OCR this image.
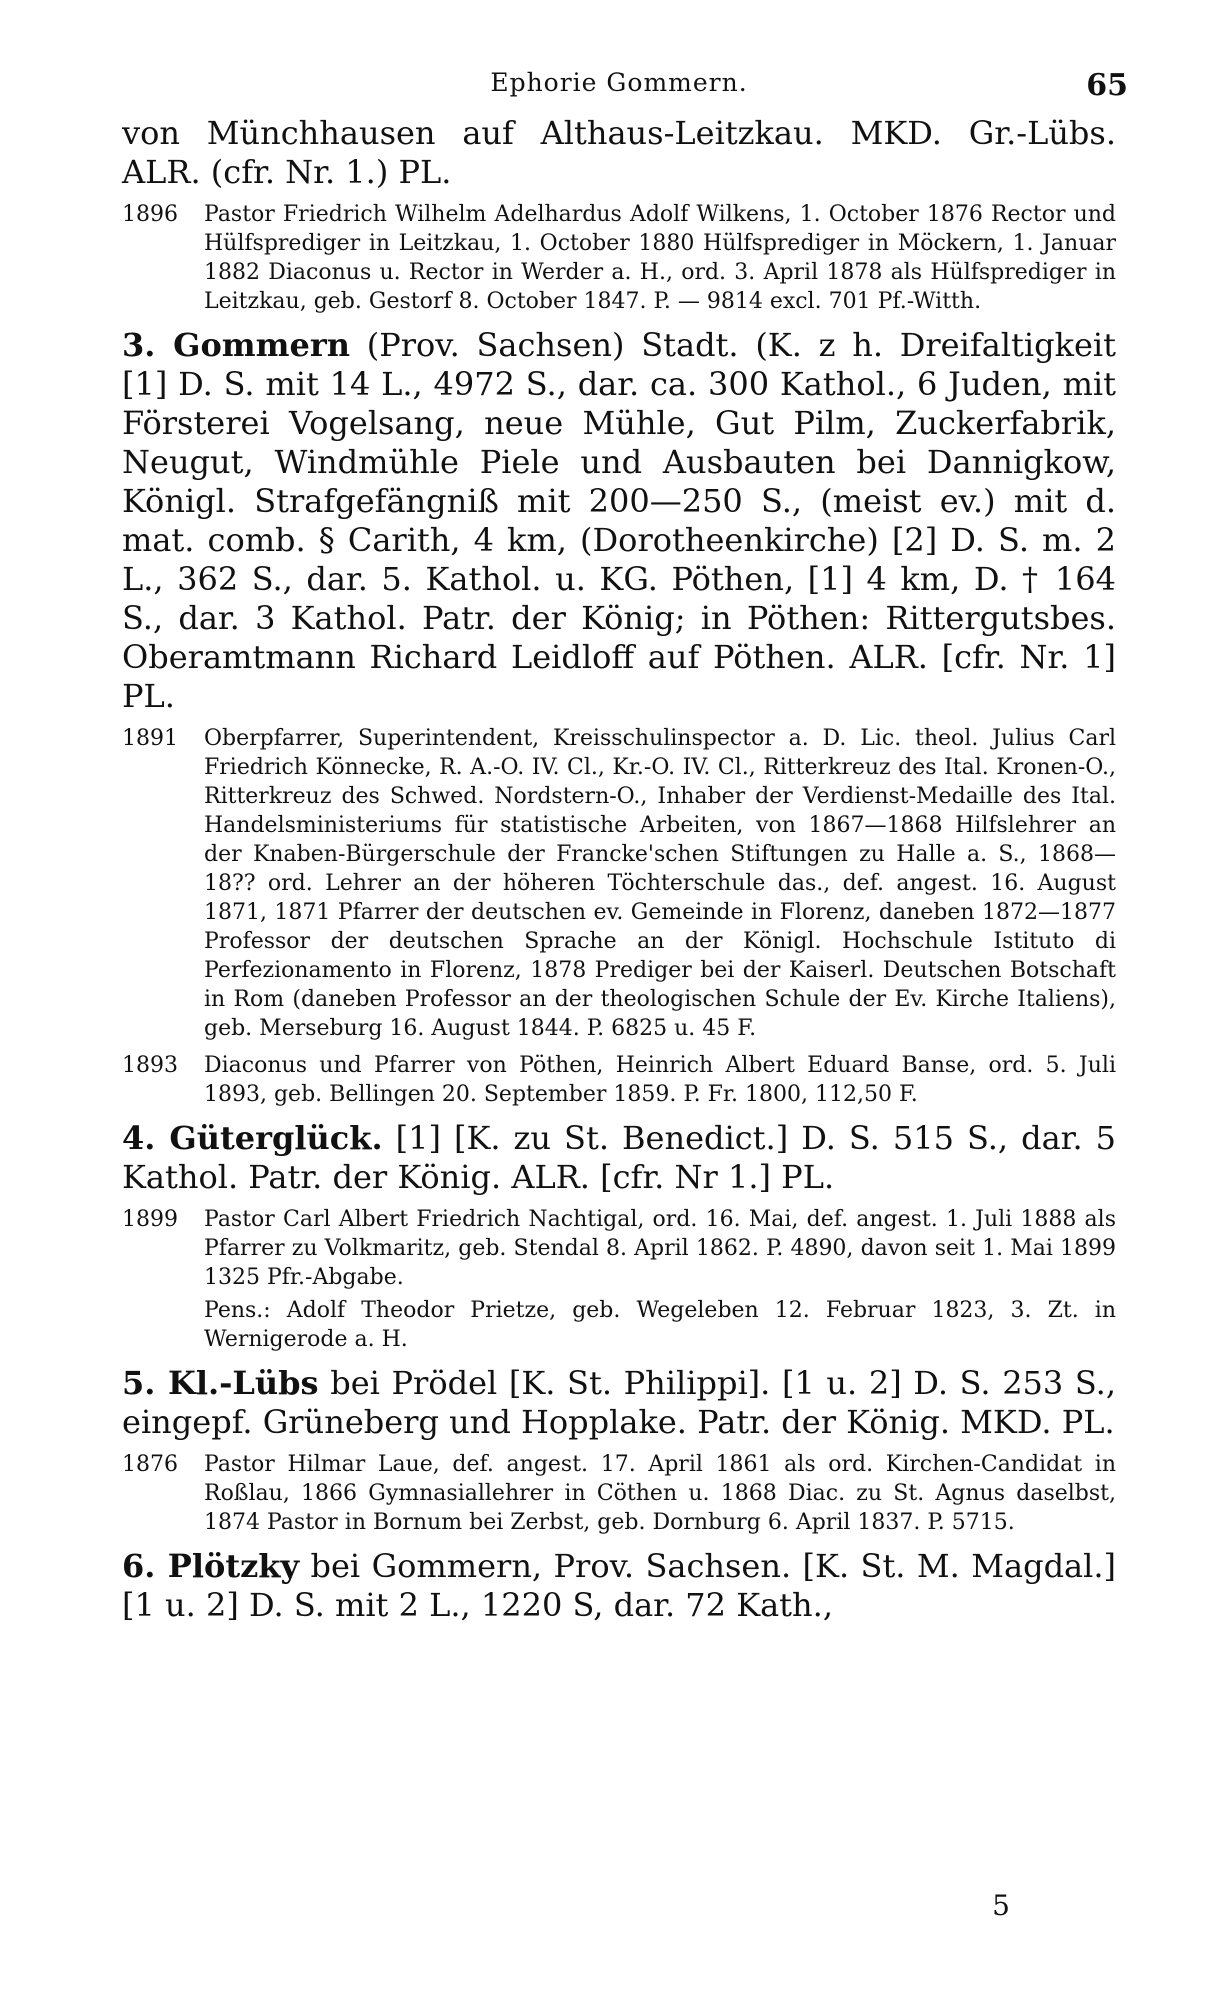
Ephorie Gommern.	65

von Münchhausen auf Althaus-Leitzkau. MKD. Gr.-Lübs. ALR. (cfr. Nr. 1.) PL.

1896	Pastor Friedrich Wilhelm Adelhardus Adolf Wilkens, 1. October 1876 Rector und Hülfsprediger in Leitzkau, 1. October 1880 Hülfsprediger in Möckern, 1. Januar 1882 Diaconus u. Rector in Werder a. H., ord. 3. April 1878 als Hülfsprediger in Leitzkau, geb. Gestorf 8. October 1847. P. — 9814 excl. 701 Pf.-Witth.

3. Gommern (Prov. Sachsen) Stadt. (K. z h. Dreifaltigkeit [1] D. S. mit 14 L., 4972 S., dar. ca. 300 Kathol., 6 Juden, mit Försterei Vogelsang, neue Mühle, Gut Pilm, Zuckerfabrik, Neugut, Windmühle Piele und Ausbauten bei Dannigkow, Königl. Strafgefängniß mit 200—250 S., (meist ev.) mit d. mat. comb. § Carith, 4 km, (Dorotheenkirche) [2] D. S. m. 2 L., 362 S., dar. 5. Kathol. u. KG. Pöthen, [1] 4 km, D. † 164 S., dar. 3 Kathol. Patr. der König; in Pöthen: Rittergutsbes. Oberamtmann Richard Leidloff auf Pöthen. ALR. [cfr. Nr. 1] PL.

1891	Oberpfarrer, Superintendent, Kreisschulinspector a. D. Lic. theol. Julius Carl Friedrich Könnecke, R. A.-O. IV. Cl., Kr.-O. IV. Cl., Ritterkreuz des Ital. Kronen-O., Ritterkreuz des Schwed. Nordstern-O., Inhaber der Verdienst-Medaille des Ital. Handelsministeriums für statistische Arbeiten, von 1867—1868 Hilfslehrer an der Knaben-Bürgerschule der Francke'schen Stiftungen zu Halle a. S., 1868—18?? ord. Lehrer an der höheren Töchterschule das., def. angest. 16. August 1871, 1871 Pfarrer der deutschen ev. Gemeinde in Florenz, daneben 1872—1877 Professor der deutschen Sprache an der Königl. Hochschule Istituto di Perfezionamento in Florenz, 1878 Prediger bei der Kaiserl. Deutschen Botschaft in Rom (daneben Professor an der theologischen Schule der Ev. Kirche Italiens), geb. Merseburg 16. August 1844. P. 6825 u. 45 F.
1893	Diaconus und Pfarrer von Pöthen, Heinrich Albert Eduard Banse, ord. 5. Juli 1893, geb. Bellingen 20. September 1859. P. Fr. 1800, 112,50 F.

4. Güterglück. [1] [K. zu St. Benedict.] D. S. 515 S., dar. 5 Kathol. Patr. der König. ALR. [cfr. Nr 1.] PL.

1899	Pastor Carl Albert Friedrich Nachtigal, ord. 16. Mai, def. angest. 1. Juli 1888 als Pfarrer zu Volkmaritz, geb. Stendal 8. April 1862. P. 4890, davon seit 1. Mai 1899 1325 Pfr.-Abgabe.

Pens.: Adolf Theodor Prietze, geb. Wegeleben 12. Februar 1823, 3. Zt. in Wernigerode a. H.

5. Kl.-Lübs bei Prödel [K. St. Philippi]. [1 u. 2] D. S. 253 S., eingepf. Grüneberg und Hopplake. Patr. der König. MKD. PL.

1876	Pastor Hilmar Laue, def. angest. 17. April 1861 als ord. Kirchen-Candidat in Roßlau, 1866 Gymnasiallehrer in Cöthen u. 1868 Diac. zu St. Agnus daselbst, 1874 Pastor in Bornum bei Zerbst, geb. Dornburg 6. April 1837. P. 5715.

6. Plötzky bei Gommern, Prov. Sachsen. [K. St. M. Magdal.] [1 u. 2] D. S. mit 2 L., 1220 S, dar. 72 Kath.,

5
